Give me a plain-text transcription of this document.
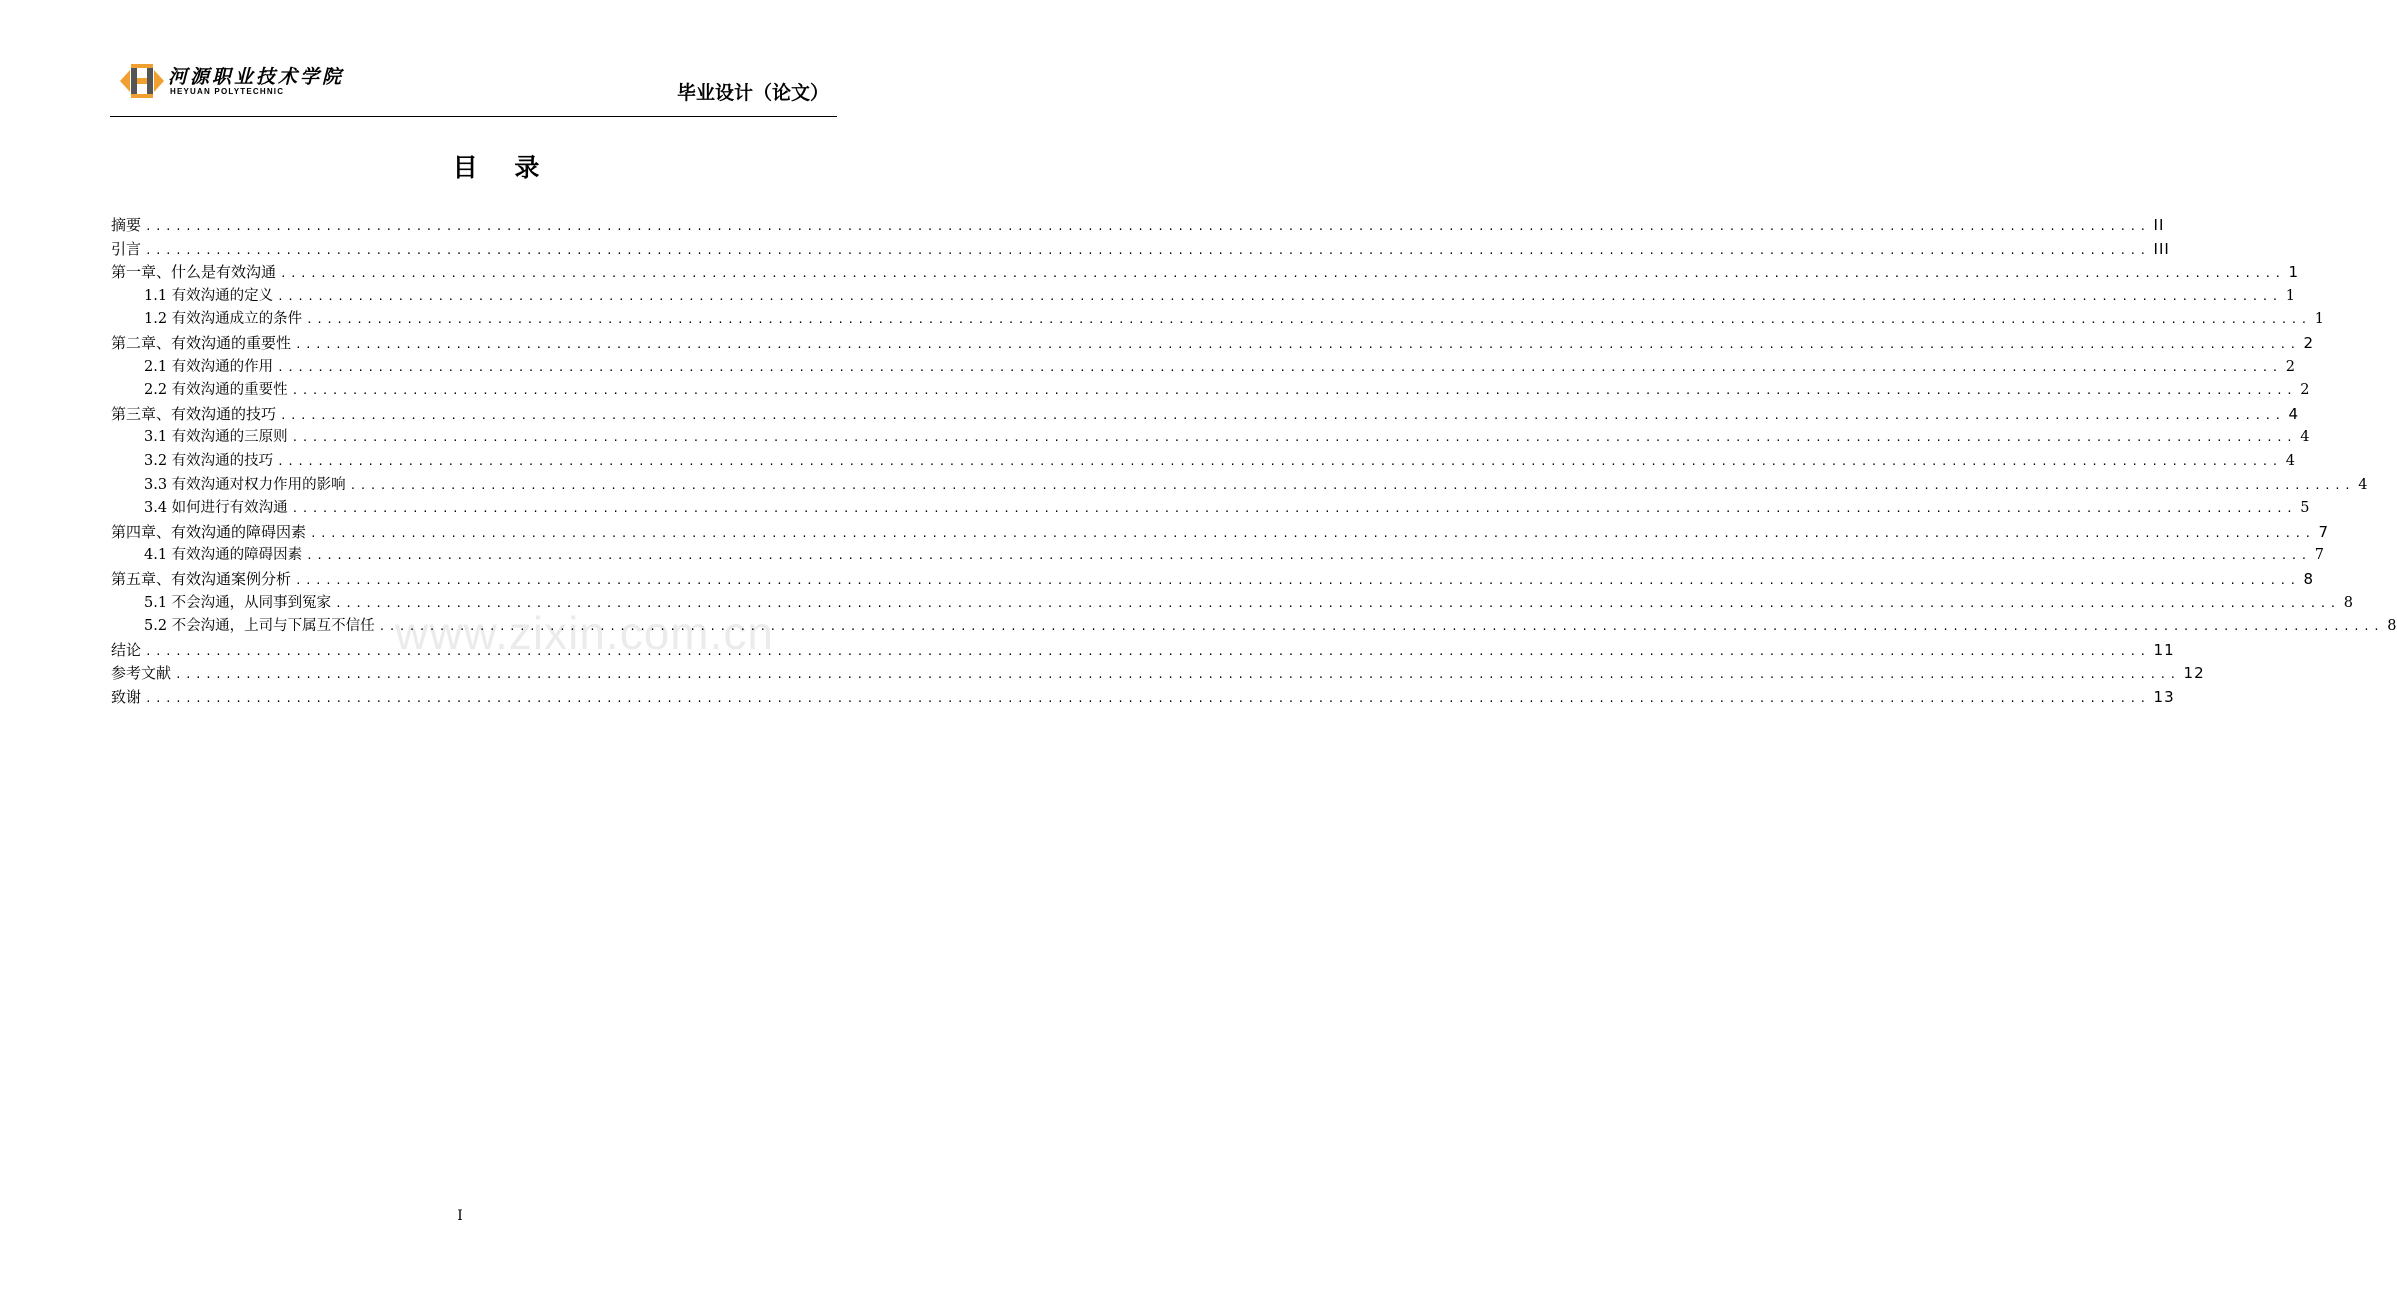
河源职业技术学院
HEYUAN POLYTECHNIC	毕业设计（论文）
目 录
摘要 ........................................................................................................................................................................................................ II
引言 ........................................................................................................................................................................................................ III
第一章、什么是有效沟通 ........................................................................................................................................................................................................ 1
1.1 有效沟通的定义 ........................................................................................................................................................................................................ 1
1.2 有效沟通成立的条件 ........................................................................................................................................................................................................ 1
第二章、有效沟通的重要性 ........................................................................................................................................................................................................ 2
2.1 有效沟通的作用 ........................................................................................................................................................................................................ 2
2.2 有效沟通的重要性 ........................................................................................................................................................................................................ 2
第三章、有效沟通的技巧 ........................................................................................................................................................................................................ 4
3.1 有效沟通的三原则 ........................................................................................................................................................................................................ 4
3.2 有效沟通的技巧 ........................................................................................................................................................................................................ 4
3.3 有效沟通对权力作用的影响 ........................................................................................................................................................................................................ 4
3.4 如何进行有效沟通 ........................................................................................................................................................................................................ 5
第四章、有效沟通的障碍因素 ........................................................................................................................................................................................................ 7
4.1 有效沟通的障碍因素 ........................................................................................................................................................................................................ 7
第五章、有效沟通案例分析 ........................................................................................................................................................................................................ 8
5.1 不会沟通，从同事到冤家 ........................................................................................................................................................................................................ 8
5.2 不会沟通，上司与下属互不信任 ........................................................................................................................................................................................................ 8
结论 ........................................................................................................................................................................................................ 11
参考文献 ........................................................................................................................................................................................................ 12
致谢 ........................................................................................................................................................................................................ 13
www.zixin.com.cn
I
